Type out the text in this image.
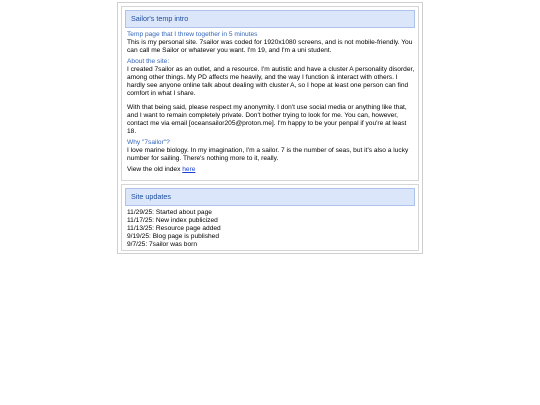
Sailor's temp intro
Temp page that I threw together in 5 minutes

This is my personal site. 7sailor was coded for 1920x1080 screens, and is not mobile-friendly. You can call me Sailor or whatever you want. I'm 19, and I'm a uni student.

About the site:

I created 7sailor as an outlet, and a resource. I'm autistic and have a cluster A personality disorder, among other things. My PD affects me heavily, and the way I function & interact with others. I hardly see anyone online talk about dealing with cluster A, so I hope at least one person can find comfort in what I share.

With that being said, please respect my anonymity. I don't use social media or anything like that, and I want to remain completely private. Don't bother trying to look for me. You can, however, contact me via email [oceansailor205@proton.me]. I'm happy to be your penpal if you're at least 18.

Why "7sailor"?

I love marine biology. In my imagination, I'm a sailor. 7 is the number of seas, but it's also a lucky number for sailing. There's nothing more to it, really.

View the old index here
Site updates
11/29/25: Started about page
11/17/25: New index publicized
11/13/25: Resource page added
9/19/25: Blog page is published
9/7/25: 7sailor was born
